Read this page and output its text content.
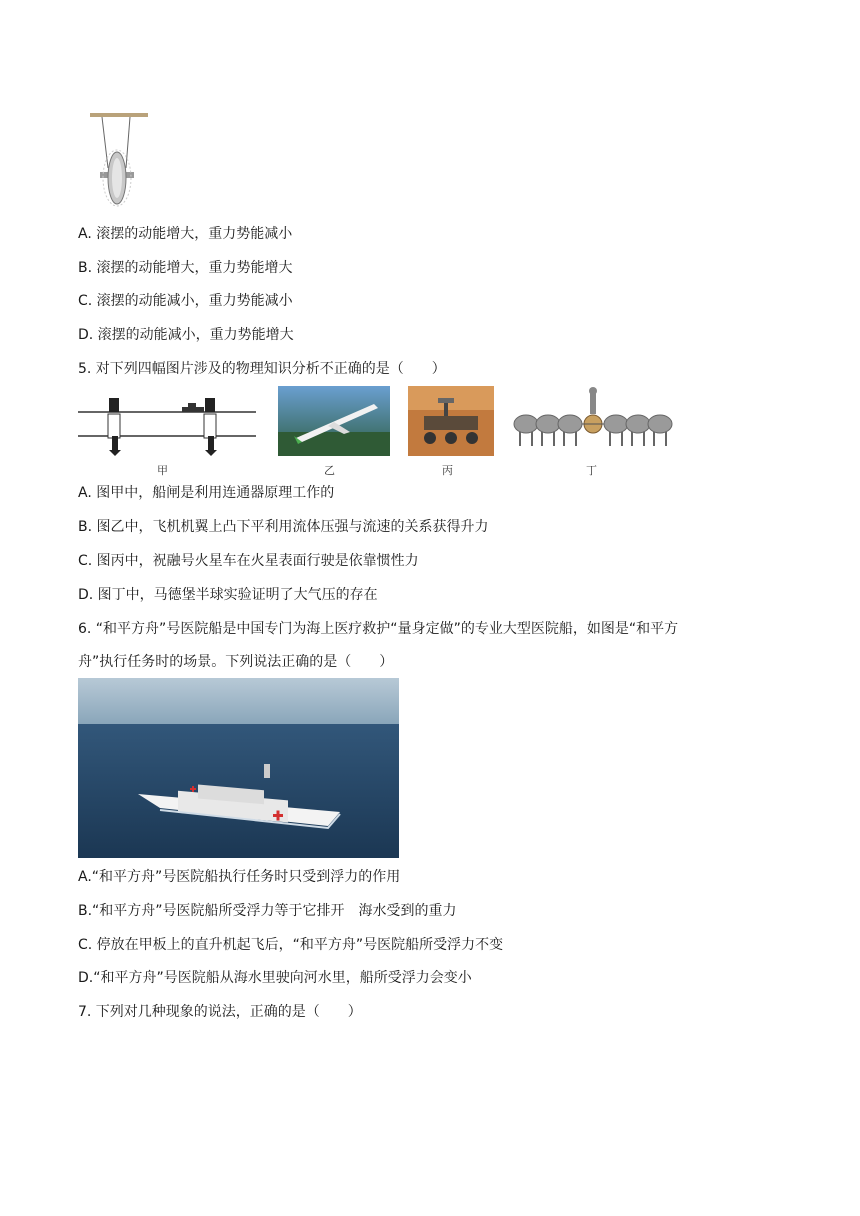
A. 滚摆的动能增大，重力势能减小
B. 滚摆的动能增大，重力势能增大
C. 滚摆的动能减小，重力势能减小
D. 滚摆的动能减小，重力势能增大
5. 对下列四幅图片涉及的物理知识分析不正确的是（　　）
甲	乙	丙	丁
A. 图甲中，船闸是利用连通器原理工作的
B. 图乙中，飞机机翼上凸下平利用流体压强与流速的关系获得升力
C. 图丙中，祝融号火星车在火星表面行驶是依靠惯性力
D. 图丁中，马德堡半球实验证明了大气压的存在
6. “和平方舟”号医院船是中国专门为海上医疗救护“量身定做”的专业大型医院船，如图是“和平方
舟”执行任务时的场景。下列说法正确的是（　　）
A.“和平方舟”号医院船执行任务时只受到浮力的作用
B.“和平方舟”号医院船所受浮力等于它排开　海水受到的重力
C. 停放在甲板上的直升机起飞后，“和平方舟”号医院船所受浮力不变
D.“和平方舟”号医院船从海水里驶向河水里，船所受浮力会变小
7. 下列对几种现象的说法，正确的是（　　）
